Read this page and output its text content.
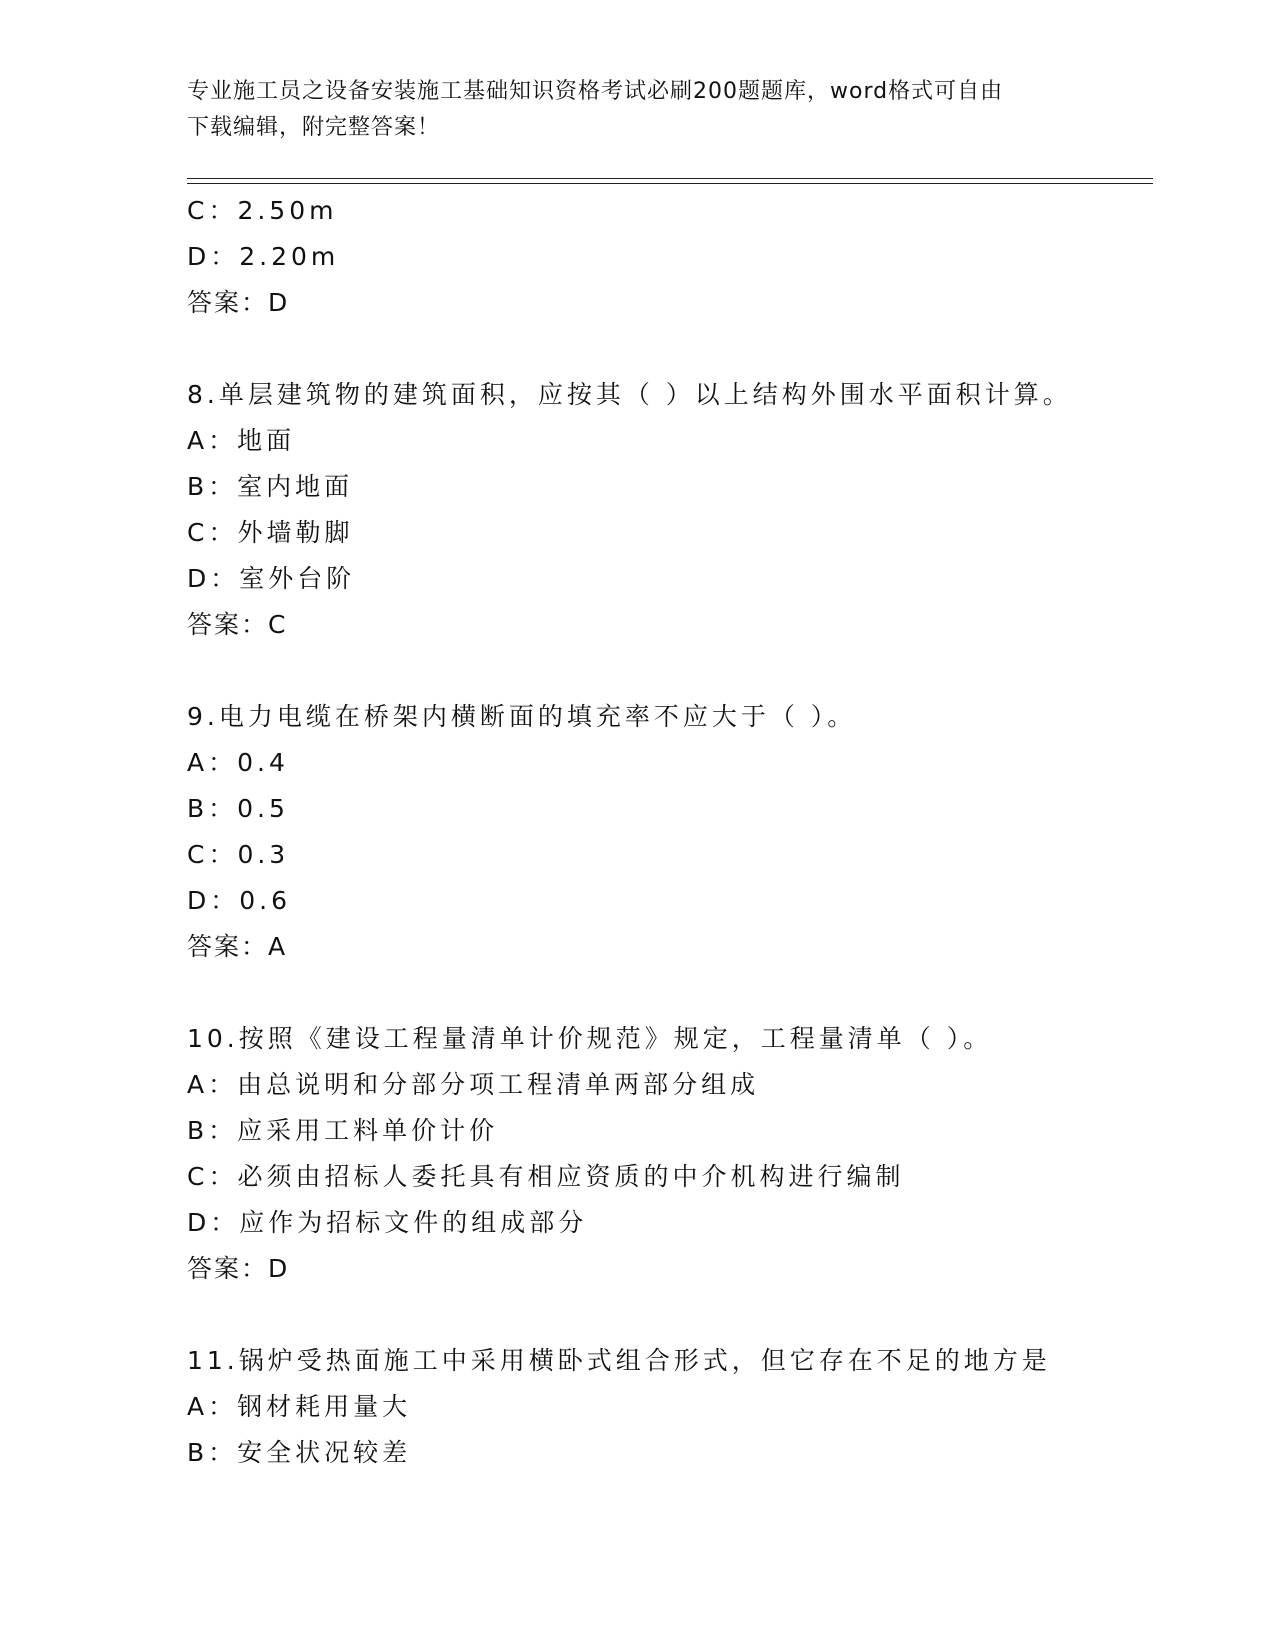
专业施工员之设备安装施工基础知识资格考试必刷200题题库，word格式可自由
下载编辑，附完整答案！
C：2.50m
D：2.20m
答案：D
8.单层建筑物的建筑面积，应按其（ ）以上结构外围水平面积计算。
A：地面
B：室内地面
C：外墙勒脚
D：室外台阶
答案：C
9.电力电缆在桥架内横断面的填充率不应大于（ ）。
A：0.4
B：0.5
C：0.3
D：0.6
答案：A
10.按照《建设工程量清单计价规范》规定，工程量清单（ ）。
A：由总说明和分部分项工程清单两部分组成
B：应采用工料单价计价
C：必须由招标人委托具有相应资质的中介机构进行编制
D：应作为招标文件的组成部分
答案：D
11.锅炉受热面施工中采用横卧式组合形式，但它存在不足的地方是
A：钢材耗用量大
B：安全状况较差
